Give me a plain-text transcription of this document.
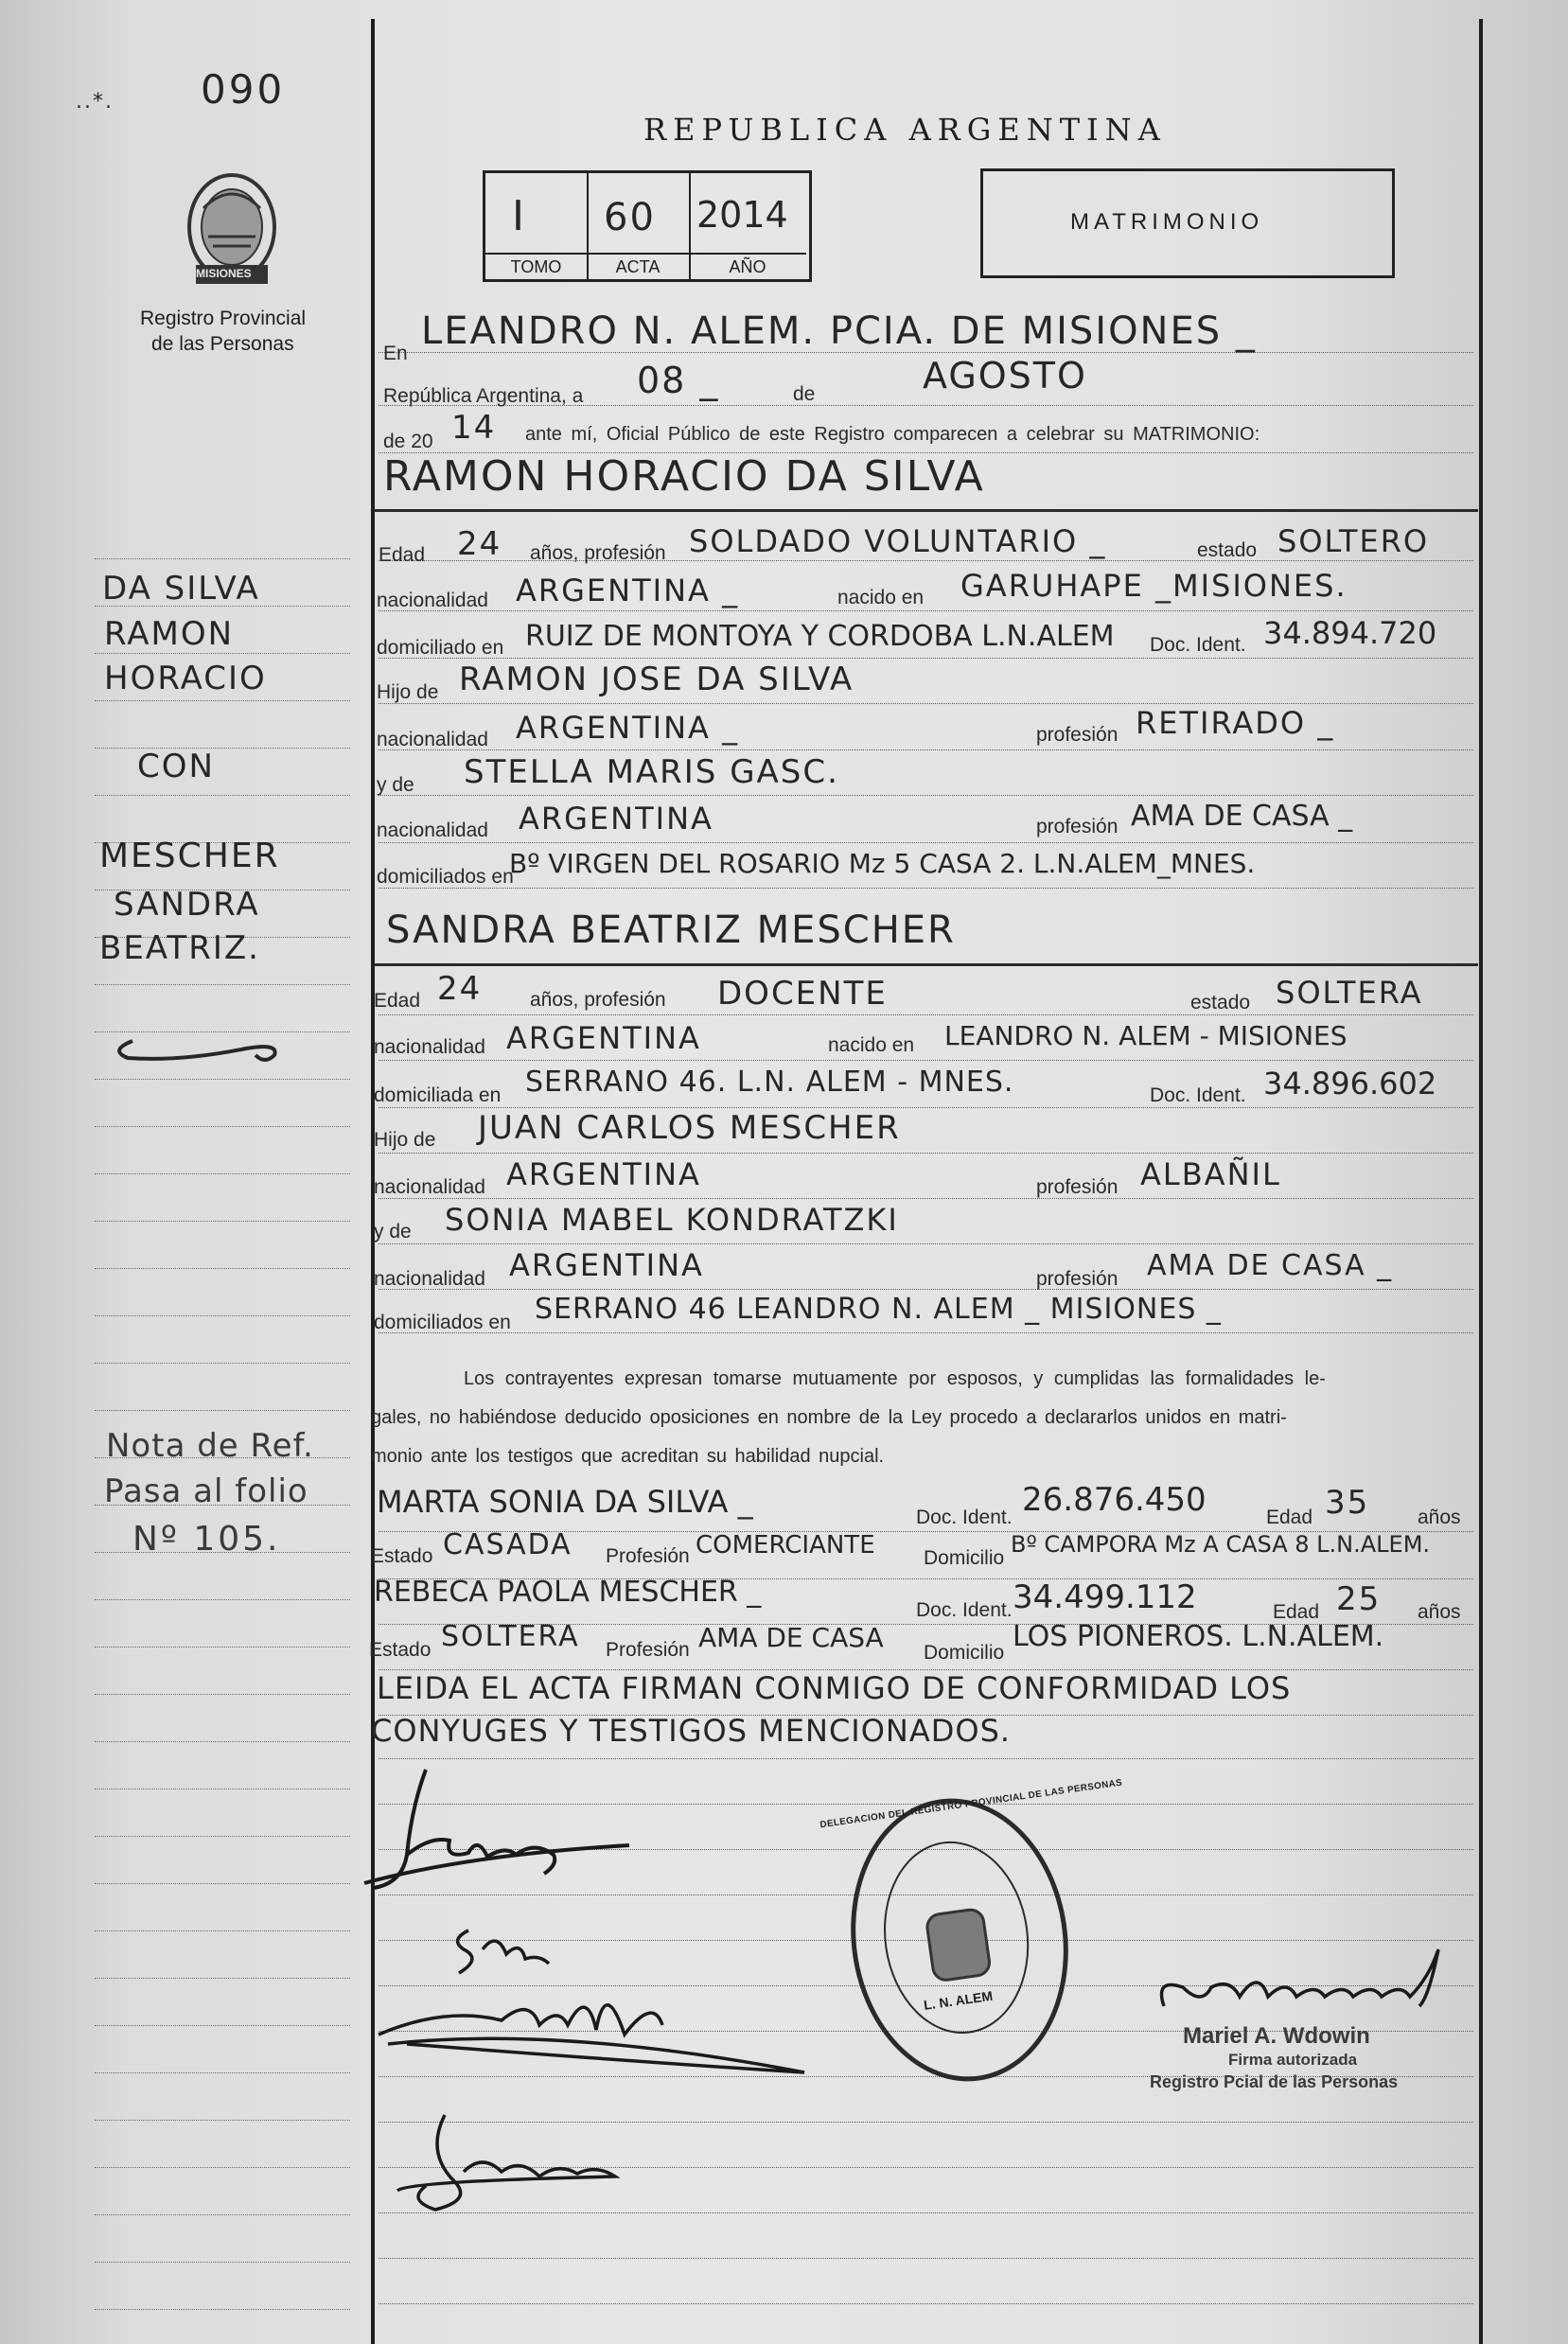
..*. 090
MISIONES
Registro Provincial
de las Personas
REPUBLICA ARGENTINA
I
TOMO
60
ACTA
2014
AÑO
MATRIMONIO
En
LEANDRO N. ALEM. PCIA. DE MISIONES _
República Argentina, a 08 _	de	AGOSTO
de 20 14 ante mí, Oficial Público de este Registro comparecen a celebrar su MATRIMONIO:
RAMON HORACIO DA SILVA
Edad 24 años, profesión SOLDADO VOLUNTARIO _	estado SOLTERO
nacionalidad ARGENTINA _	nacido en GARUHAPE _MISIONES.
domiciliado en RUIZ DE MONTOYA Y CORDOBA L.N.ALEM Doc. Ident. 34.894.720
Hijo de RAMON JOSE DA SILVA
nacionalidad ARGENTINA _	profesión RETIRADO _
y de STELLA MARIS GASC.
nacionalidad ARGENTINA	profesión AMA DE CASA _
domiciliados en
Bº VIRGEN DEL ROSARIO Mz 5 CASA 2. L.N.ALEM_MNES.
SANDRA BEATRIZ MESCHER
Edad 24 años, profesión DOCENTE	estado SOLTERA
nacionalidad ARGENTINA	nacido en LEANDRO N. ALEM - MISIONES
domiciliada en SERRANO 46. L.N. ALEM - MNES.	Doc. Ident. 34.896.602
Hijo de JUAN CARLOS MESCHER
nacionalidad ARGENTINA	profesión ALBAÑIL
y de SONIA MABEL KONDRATZKI
nacionalidad ARGENTINA	profesión AMA DE CASA _
domiciliados en SERRANO 46 LEANDRO N. ALEM _ MISIONES _
Los contrayentes expresan tomarse mutuamente por esposos, y cumplidas las formalidades le-
gales, no habiéndose deducido oposiciones en nombre de la Ley procedo a declararlos unidos en matri-
monio ante los testigos que acreditan su habilidad nupcial.
MARTA SONIA DA SILVA _	Doc. Ident. 26.876.450	Edad 35 años
Estado CASADA Profesión COMERCIANTE Domicilio
Bº CAMPORA Mz A CASA 8 L.N.ALEM.
REBECA PAOLA MESCHER _
Doc. Ident. 34.499.112	Edad 25 años
Estado SOLTERA Profesión AMA DE CASA Domicilio LOS PIONEROS. L.N.ALEM.
LEIDA EL ACTA FIRMAN CONMIGO DE CONFORMIDAD LOS
CONYUGES Y TESTIGOS MENCIONADOS.
DA SILVA
RAMON
HORACIO
CON
MESCHER
SANDRA
BEATRIZ.
Nota de Ref.
Pasa al folio
Nº 105.
DELEGACION DEL REGISTRO PROVINCIAL DE LAS PERSONAS
L. N. ALEM
Mariel A. Wdowin
Firma autorizada
Registro Pcial de las Personas
